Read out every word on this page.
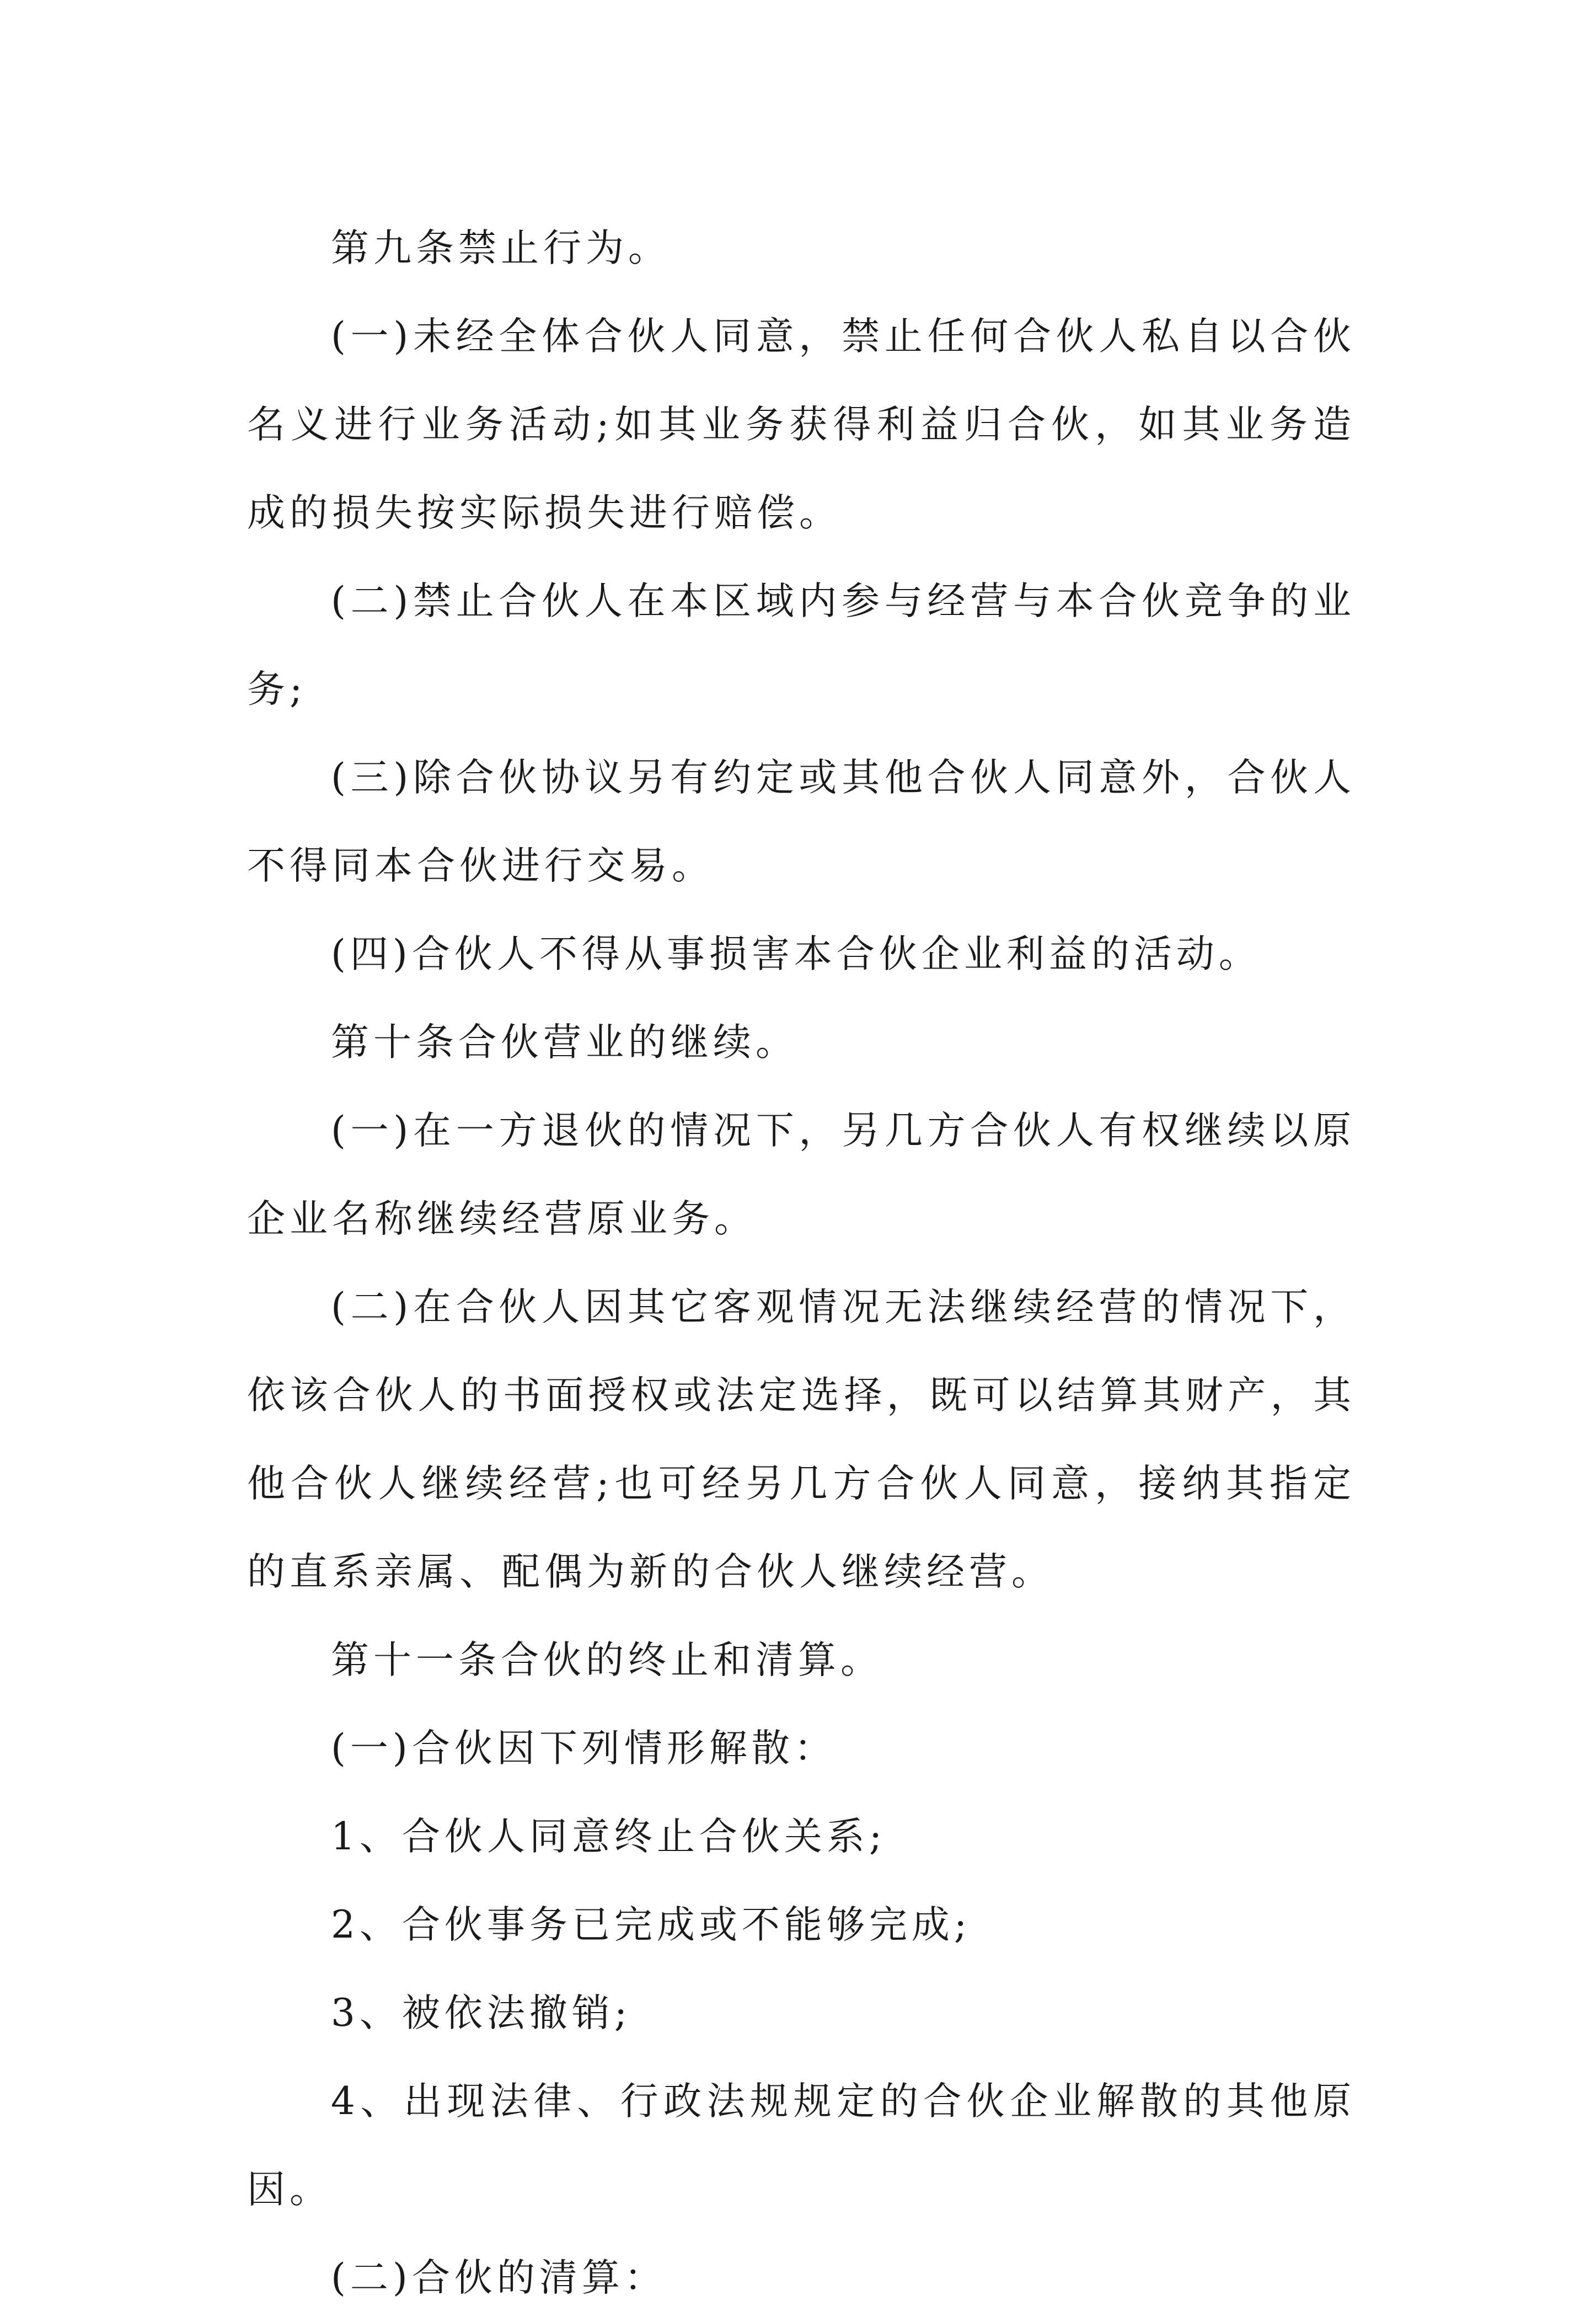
第九条禁止行为。

(一)未经全体合伙人同意，禁止任何合伙人私自以合伙名义进行业务活动;如其业务获得利益归合伙，如其业务造成的损失按实际损失进行赔偿。

(二)禁止合伙人在本区域内参与经营与本合伙竞争的业务;

(三)除合伙协议另有约定或其他合伙人同意外，合伙人不得同本合伙进行交易。

(四)合伙人不得从事损害本合伙企业利益的活动。

第十条合伙营业的继续。

(一)在一方退伙的情况下，另几方合伙人有权继续以原企业名称继续经营原业务。

(二)在合伙人因其它客观情况无法继续经营的情况下，依该合伙人的书面授权或法定选择，既可以结算其财产，其他合伙人继续经营;也可经另几方合伙人同意，接纳其指定的直系亲属、配偶为新的合伙人继续经营。

第十一条合伙的终止和清算。

(一)合伙因下列情形解散：

1、合伙人同意终止合伙关系;

2、合伙事务已完成或不能够完成;

3、被依法撤销;

4、出现法律、行政法规规定的合伙企业解散的其他原因。

(二)合伙的清算：
